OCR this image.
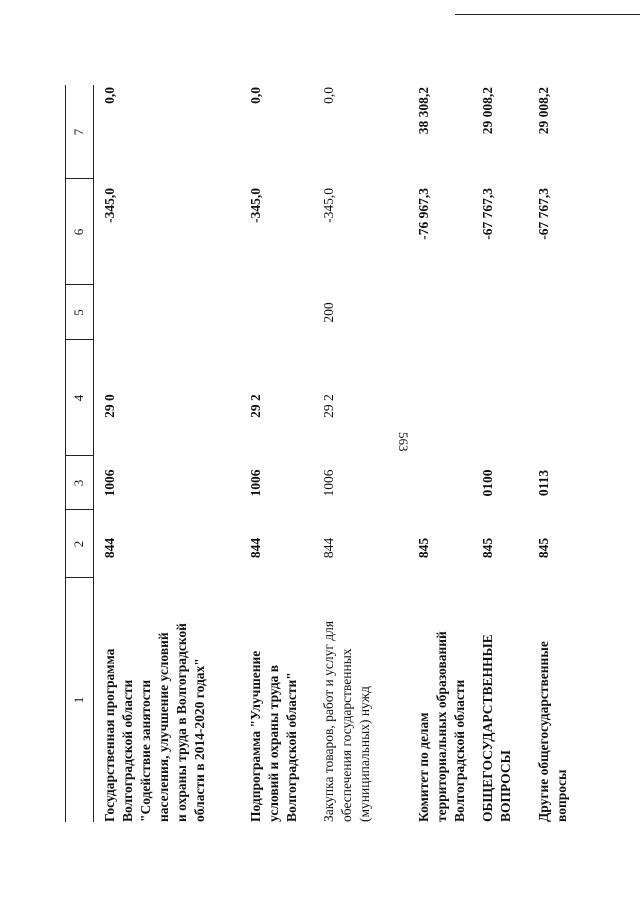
563
1
2
3
4
5
6
7
Государственная программа Волгоградской области "Содействие занятости населения, улучшение условий и охраны труда в Волгоградской области в 2014-2020 годах"
844
1006
29 0
-345,0
0,0
Подпрограмма "Улучшение условий и охраны труда в Волгоградской области"
844
1006
29 2
-345,0
0,0
Закупка товаров, работ и услуг для обеспечения государственных (муниципальных) нужд
844
1006
29 2
200
-345,0
0,0
Комитет по делам территориальных образований Волгоградской области
845
-76 967,3
38 308,2
ОБЩЕГОСУДАРСТВЕННЫЕ ВОПРОСЫ
845
0100
-67 767,3
29 008,2
Другие общегосударственные вопросы
845
0113
-67 767,3
29 008,2
